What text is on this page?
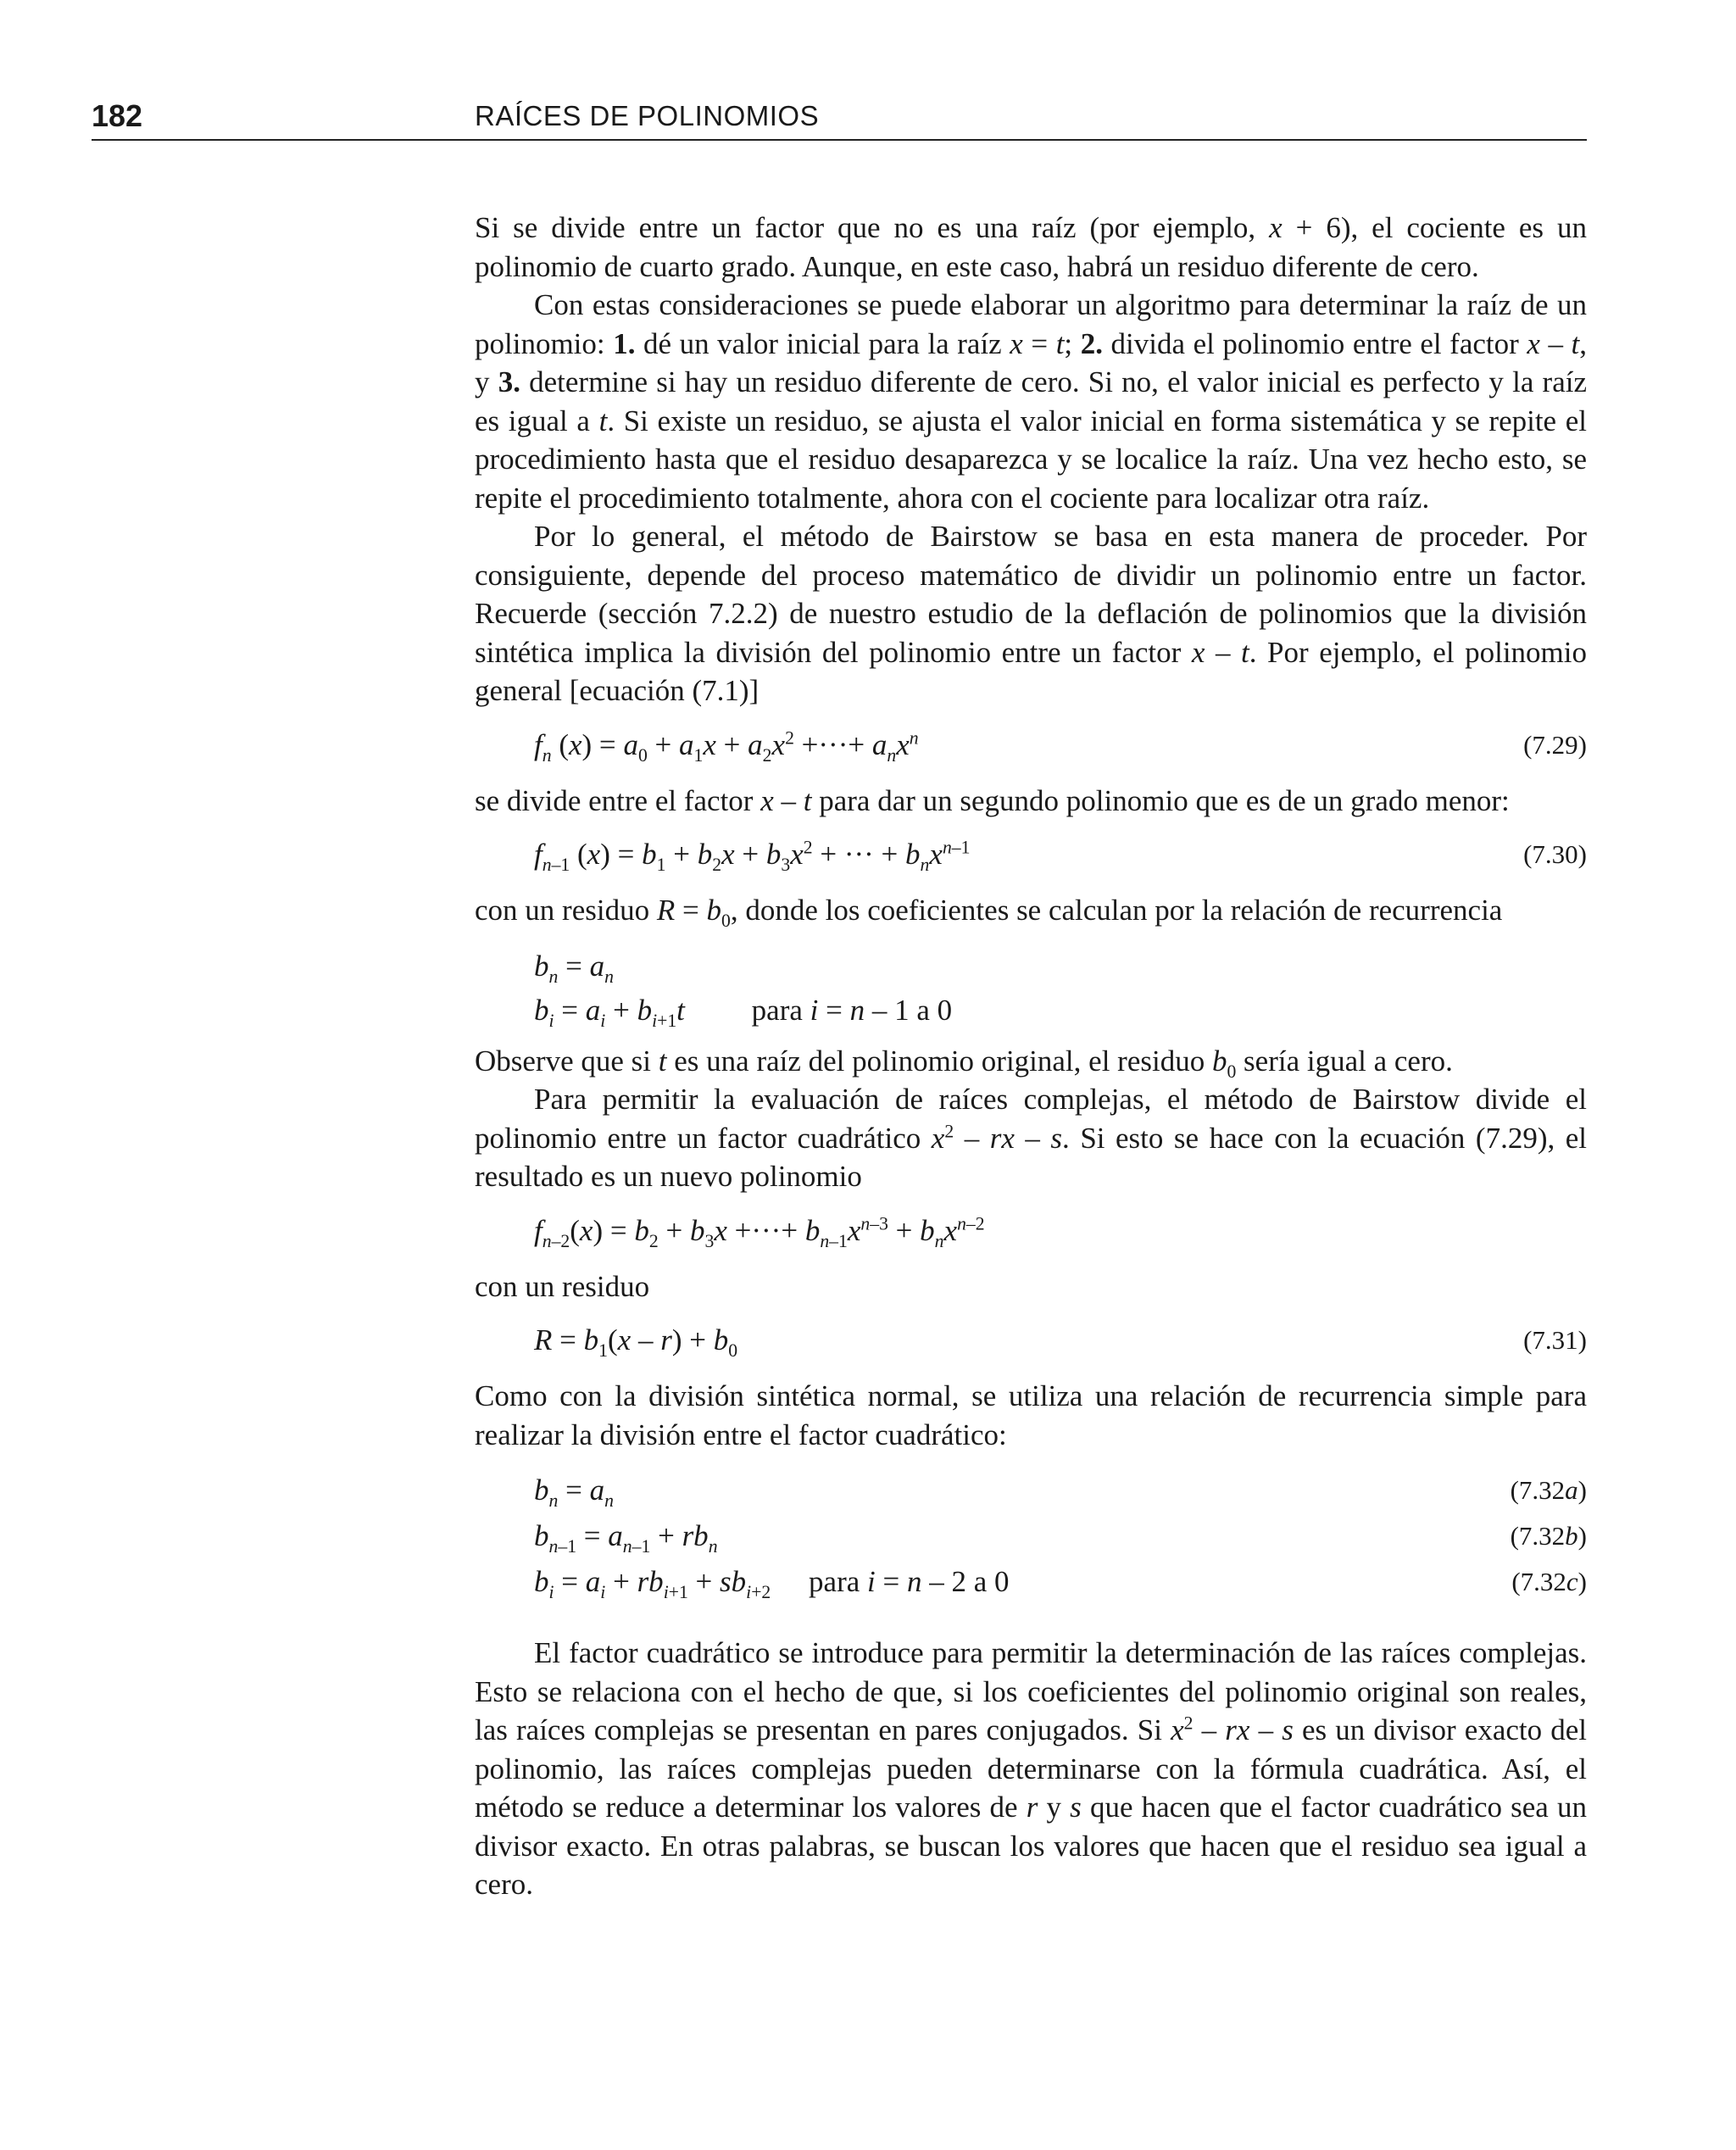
182	RAÍCES DE POLINOMIOS

Si se divide entre un factor que no es una raíz (por ejemplo, x + 6), el cociente es un polinomio de cuarto grado. Aunque, en este caso, habrá un residuo diferente de cero.

Con estas consideraciones se puede elaborar un algoritmo para determinar la raíz de un polinomio: 1. dé un valor inicial para la raíz x = t; 2. divida el polinomio entre el factor x – t, y 3. determine si hay un residuo diferente de cero. Si no, el valor inicial es perfecto y la raíz es igual a t. Si existe un residuo, se ajusta el valor inicial en forma sistemática y se repite el procedimiento hasta que el residuo desaparezca y se localice la raíz. Una vez hecho esto, se repite el procedimiento totalmente, ahora con el cociente para localizar otra raíz.

Por lo general, el método de Bairstow se basa en esta manera de proceder. Por consiguiente, depende del proceso matemático de dividir un polinomio entre un factor. Recuerde (sección 7.2.2) de nuestro estudio de la deflación de polinomios que la división sintética implica la división del polinomio entre un factor x – t. Por ejemplo, el polinomio general [ecuación (7.1)]

$f_n$ $(x) = a_0 + a_1x + a_2x^2$ +···+ $a_nx^n$	(7.29)

se divide entre el factor x – t para dar un segundo polinomio que es de un grado menor:

$f_{n-1}$ $(x) = b_1 + b_2x + b_3x^2$ + ··· + $b_nx^{n-1}$	(7.30)

con un residuo $R = b_0$, donde los coeficientes se calculan por la relación de recurrencia

$b_n = a_n$
$b_i = a_i + b_{i+1}t$ para i = n – 1 a 0

Observe que si t es una raíz del polinomio original, el residuo $b_0$ sería igual a cero.

Para permitir la evaluación de raíces complejas, el método de Bairstow divide el polinomio entre un factor cuadrático $x^2$ – rx – s. Si esto se hace con la ecuación (7.29), el resultado es un nuevo polinomio

$f_{n-2}(x) = b_2 + b_3x$ +···+ $b_{n-1}x^{n-3} + b_nx^{n-2}$

con un residuo

$R = b_1(x - r) + b_0$	(7.31)

Como con la división sintética normal, se utiliza una relación de recurrencia simple para realizar la división entre el factor cuadrático:

$b_n = a_n$	(7.32a)
$b_{n-1} = a_{n-1} + rb_n$	(7.32b)
$b_i = a_i + rb_{i+1} + sb_{i+2}$ para i = n – 2 a 0	(7.32c)

El factor cuadrático se introduce para permitir la determinación de las raíces complejas. Esto se relaciona con el hecho de que, si los coeficientes del polinomio original son reales, las raíces complejas se presentan en pares conjugados. Si $x^2$ – rx – s es un divisor exacto del polinomio, las raíces complejas pueden determinarse con la fórmula cuadrática. Así, el método se reduce a determinar los valores de r y s que hacen que el factor cuadrático sea un divisor exacto. En otras palabras, se buscan los valores que hacen que el residuo sea igual a cero.
